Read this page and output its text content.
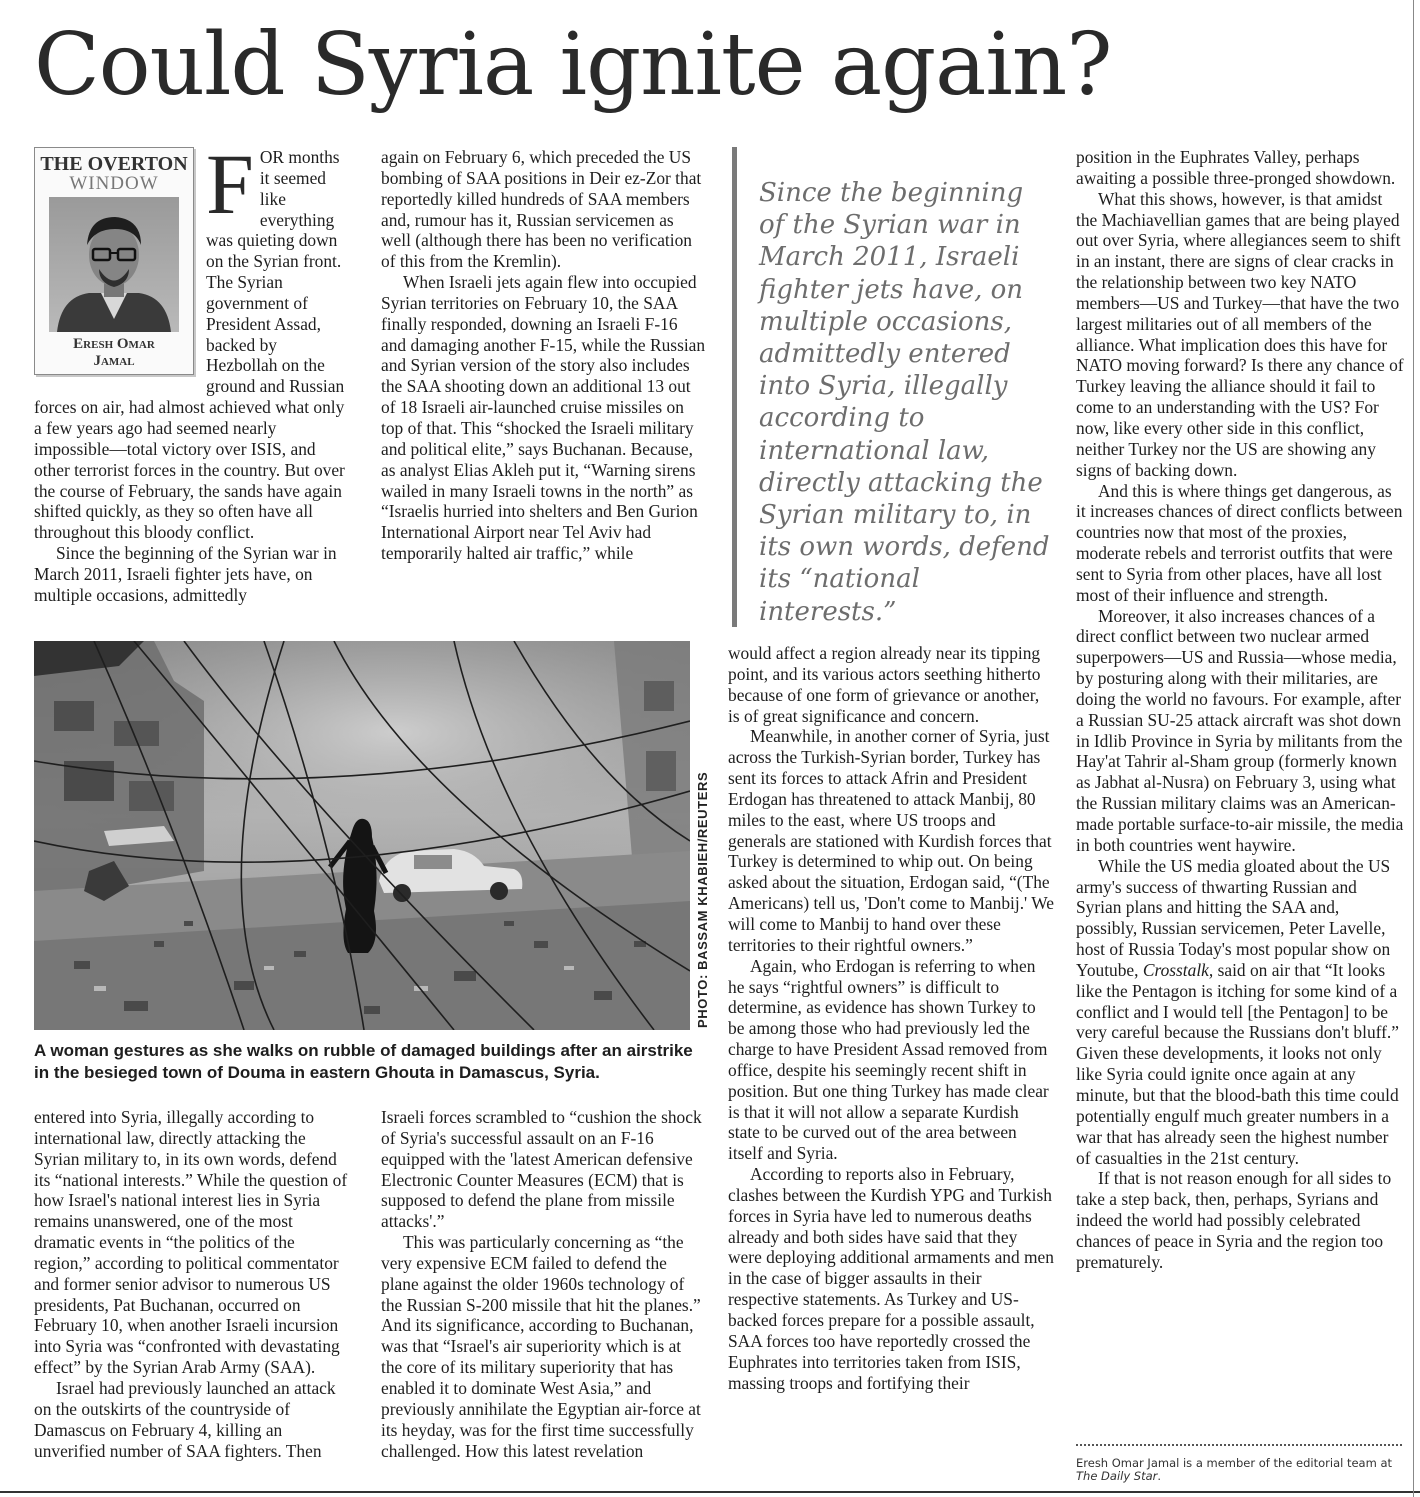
Could Syria ignite again?
THE OVERTON
WINDOW
Eresh Omar
Jamal

FOR months it seemed like everything was quieting down on the Syrian front. The Syrian government of President Assad, backed by Hezbollah on the ground and Russian forces on air, had almost achieved what only a few years ago had seemed nearly impossible—total victory over ISIS, and other terrorist forces in the country. But over the course of February, the sands have again shifted quickly, as they so often have all throughout this bloody conflict.

Since the beginning of the Syrian war in March 2011, Israeli fighter jets have, on multiple occasions, admittedly

again on February 6, which preceded the US bombing of SAA positions in Deir ez-Zor that reportedly killed hundreds of SAA members and, rumour has it, Russian servicemen as well (although there has been no verification of this from the Kremlin).

When Israeli jets again flew into occupied Syrian territories on February 10, the SAA finally responded, downing an Israeli F-16 and damaging another F-15, while the Russian and Syrian version of the story also includes the SAA shooting down an additional 13 out of 18 Israeli air-launched cruise missiles on top of that. This “shocked the Israeli military and political elite,” says Buchanan. Because, as analyst Elias Akleh put it, “Warning sirens wailed in many Israeli towns in the north” as “Israelis hurried into shelters and Ben Gurion International Airport near Tel Aviv had temporarily halted air traffic,” while

Since the beginning of the Syrian war in March 2011, Israeli fighter jets have, on multiple occasions, admittedly entered into Syria, illegally according to international law, directly attacking the Syrian military to, in its own words, defend its “national interests.”
PHOTO: BASSAM KHABIEH/REUTERS

A woman gestures as she walks on rubble of damaged buildings after an airstrike in the besieged town of Douma in eastern Ghouta in Damascus, Syria.

entered into Syria, illegally according to international law, directly attacking the Syrian military to, in its own words, defend its “national interests.” While the question of how Israel's national interest lies in Syria remains unanswered, one of the most dramatic events in “the politics of the region,” according to political commentator and former senior advisor to numerous US presidents, Pat Buchanan, occurred on February 10, when another Israeli incursion into Syria was “confronted with devastating effect” by the Syrian Arab Army (SAA).

Israel had previously launched an attack on the outskirts of the countryside of Damascus on February 4, killing an unverified number of SAA fighters. Then

Israeli forces scrambled to “cushion the shock of Syria's successful assault on an F-16 equipped with the 'latest American defensive Electronic Counter Measures (ECM) that is supposed to defend the plane from missile attacks'.”

This was particularly concerning as “the very expensive ECM failed to defend the plane against the older 1960s technology of the Russian S-200 missile that hit the planes.” And its significance, according to Buchanan, was that “Israel's air superiority which is at the core of its military superiority that has enabled it to dominate West Asia,” and previously annihilate the Egyptian air-force at its heyday, was for the first time successfully challenged. How this latest revelation

would affect a region already near its tipping point, and its various actors seething hitherto because of one form of grievance or another, is of great significance and concern.

Meanwhile, in another corner of Syria, just across the Turkish-Syrian border, Turkey has sent its forces to attack Afrin and President Erdogan has threatened to attack Manbij, 80 miles to the east, where US troops and generals are stationed with Kurdish forces that Turkey is determined to whip out. On being asked about the situation, Erdogan said, “(The Americans) tell us, 'Don't come to Manbij.' We will come to Manbij to hand over these territories to their rightful owners.”

Again, who Erdogan is referring to when he says “rightful owners” is difficult to determine, as evidence has shown Turkey to be among those who had previously led the charge to have President Assad removed from office, despite his seemingly recent shift in position. But one thing Turkey has made clear is that it will not allow a separate Kurdish state to be curved out of the area between itself and Syria.

According to reports also in February, clashes between the Kurdish YPG and Turkish forces in Syria have led to numerous deaths already and both sides have said that they were deploying additional armaments and men in the case of bigger assaults in their respective statements. As Turkey and US-backed forces prepare for a possible assault, SAA forces too have reportedly crossed the Euphrates into territories taken from ISIS, massing troops and fortifying their

position in the Euphrates Valley, perhaps awaiting a possible three-pronged showdown.

What this shows, however, is that amidst the Machiavellian games that are being played out over Syria, where allegiances seem to shift in an instant, there are signs of clear cracks in the relationship between two key NATO members—US and Turkey—that have the two largest militaries out of all members of the alliance. What implication does this have for NATO moving forward? Is there any chance of Turkey leaving the alliance should it fail to come to an understanding with the US? For now, like every other side in this conflict, neither Turkey nor the US are showing any signs of backing down.

And this is where things get dangerous, as it increases chances of direct conflicts between countries now that most of the proxies, moderate rebels and terrorist outfits that were sent to Syria from other places, have all lost most of their influence and strength.

Moreover, it also increases chances of a direct conflict between two nuclear armed superpowers—US and Russia—whose media, by posturing along with their militaries, are doing the world no favours. For example, after a Russian SU-25 attack aircraft was shot down in Idlib Province in Syria by militants from the Hay'at Tahrir al-Sham group (formerly known as Jabhat al-Nusra) on February 3, using what the Russian military claims was an American-made portable surface-to-air missile, the media in both countries went haywire.

While the US media gloated about the US army's success of thwarting Russian and Syrian plans and hitting the SAA and, possibly, Russian servicemen, Peter Lavelle, host of Russia Today's most popular show on Youtube, Crosstalk, said on air that “It looks like the Pentagon is itching for some kind of a conflict and I would tell [the Pentagon] to be very careful because the Russians don't bluff.” Given these developments, it looks not only like Syria could ignite once again at any minute, but that the blood-bath this time could potentially engulf much greater numbers in a war that has already seen the highest number of casualties in the 21st century.

If that is not reason enough for all sides to take a step back, then, perhaps, Syrians and indeed the world had possibly celebrated chances of peace in Syria and the region too prematurely.

Eresh Omar Jamal is a member of the editorial team at The Daily Star.
